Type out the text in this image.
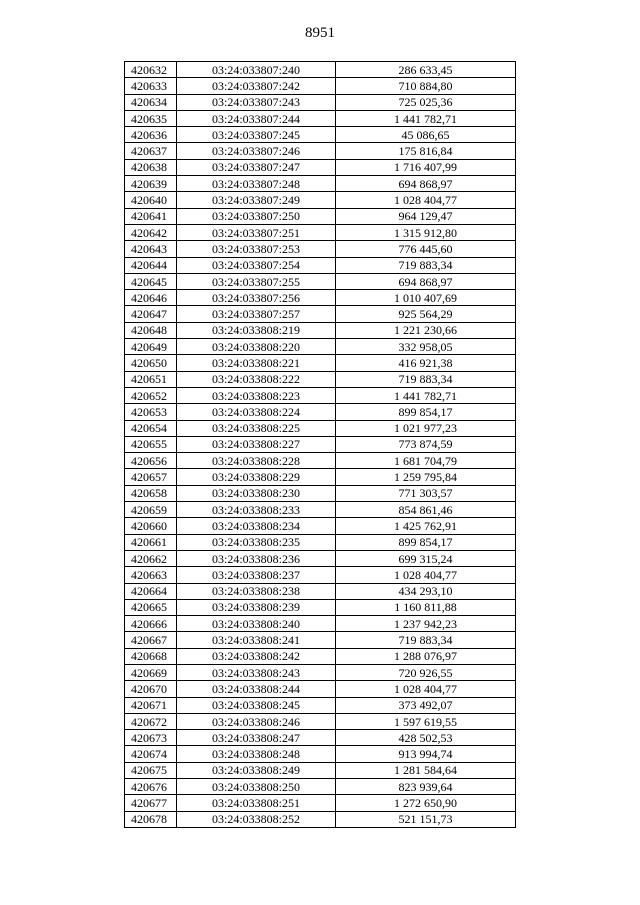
8951
420632	03:24:033807:240	286 633,45
420633	03:24:033807:242	710 884,80
420634	03:24:033807:243	725 025,36
420635	03:24:033807:244	1 441 782,71
420636	03:24:033807:245	45 086,65
420637	03:24:033807:246	175 816,84
420638	03:24:033807:247	1 716 407,99
420639	03:24:033807:248	694 868,97
420640	03:24:033807:249	1 028 404,77
420641	03:24:033807:250	964 129,47
420642	03:24:033807:251	1 315 912,80
420643	03:24:033807:253	776 445,60
420644	03:24:033807:254	719 883,34
420645	03:24:033807:255	694 868,97
420646	03:24:033807:256	1 010 407,69
420647	03:24:033807:257	925 564,29
420648	03:24:033808:219	1 221 230,66
420649	03:24:033808:220	332 958,05
420650	03:24:033808:221	416 921,38
420651	03:24:033808:222	719 883,34
420652	03:24:033808:223	1 441 782,71
420653	03:24:033808:224	899 854,17
420654	03:24:033808:225	1 021 977,23
420655	03:24:033808:227	773 874,59
420656	03:24:033808:228	1 681 704,79
420657	03:24:033808:229	1 259 795,84
420658	03:24:033808:230	771 303,57
420659	03:24:033808:233	854 861,46
420660	03:24:033808:234	1 425 762,91
420661	03:24:033808:235	899 854,17
420662	03:24:033808:236	699 315,24
420663	03:24:033808:237	1 028 404,77
420664	03:24:033808:238	434 293,10
420665	03:24:033808:239	1 160 811,88
420666	03:24:033808:240	1 237 942,23
420667	03:24:033808:241	719 883,34
420668	03:24:033808:242	1 288 076,97
420669	03:24:033808:243	720 926,55
420670	03:24:033808:244	1 028 404,77
420671	03:24:033808:245	373 492,07
420672	03:24:033808:246	1 597 619,55
420673	03:24:033808:247	428 502,53
420674	03:24:033808:248	913 994,74
420675	03:24:033808:249	1 281 584,64
420676	03:24:033808:250	823 939,64
420677	03:24:033808:251	1 272 650,90
420678	03:24:033808:252	521 151,73
